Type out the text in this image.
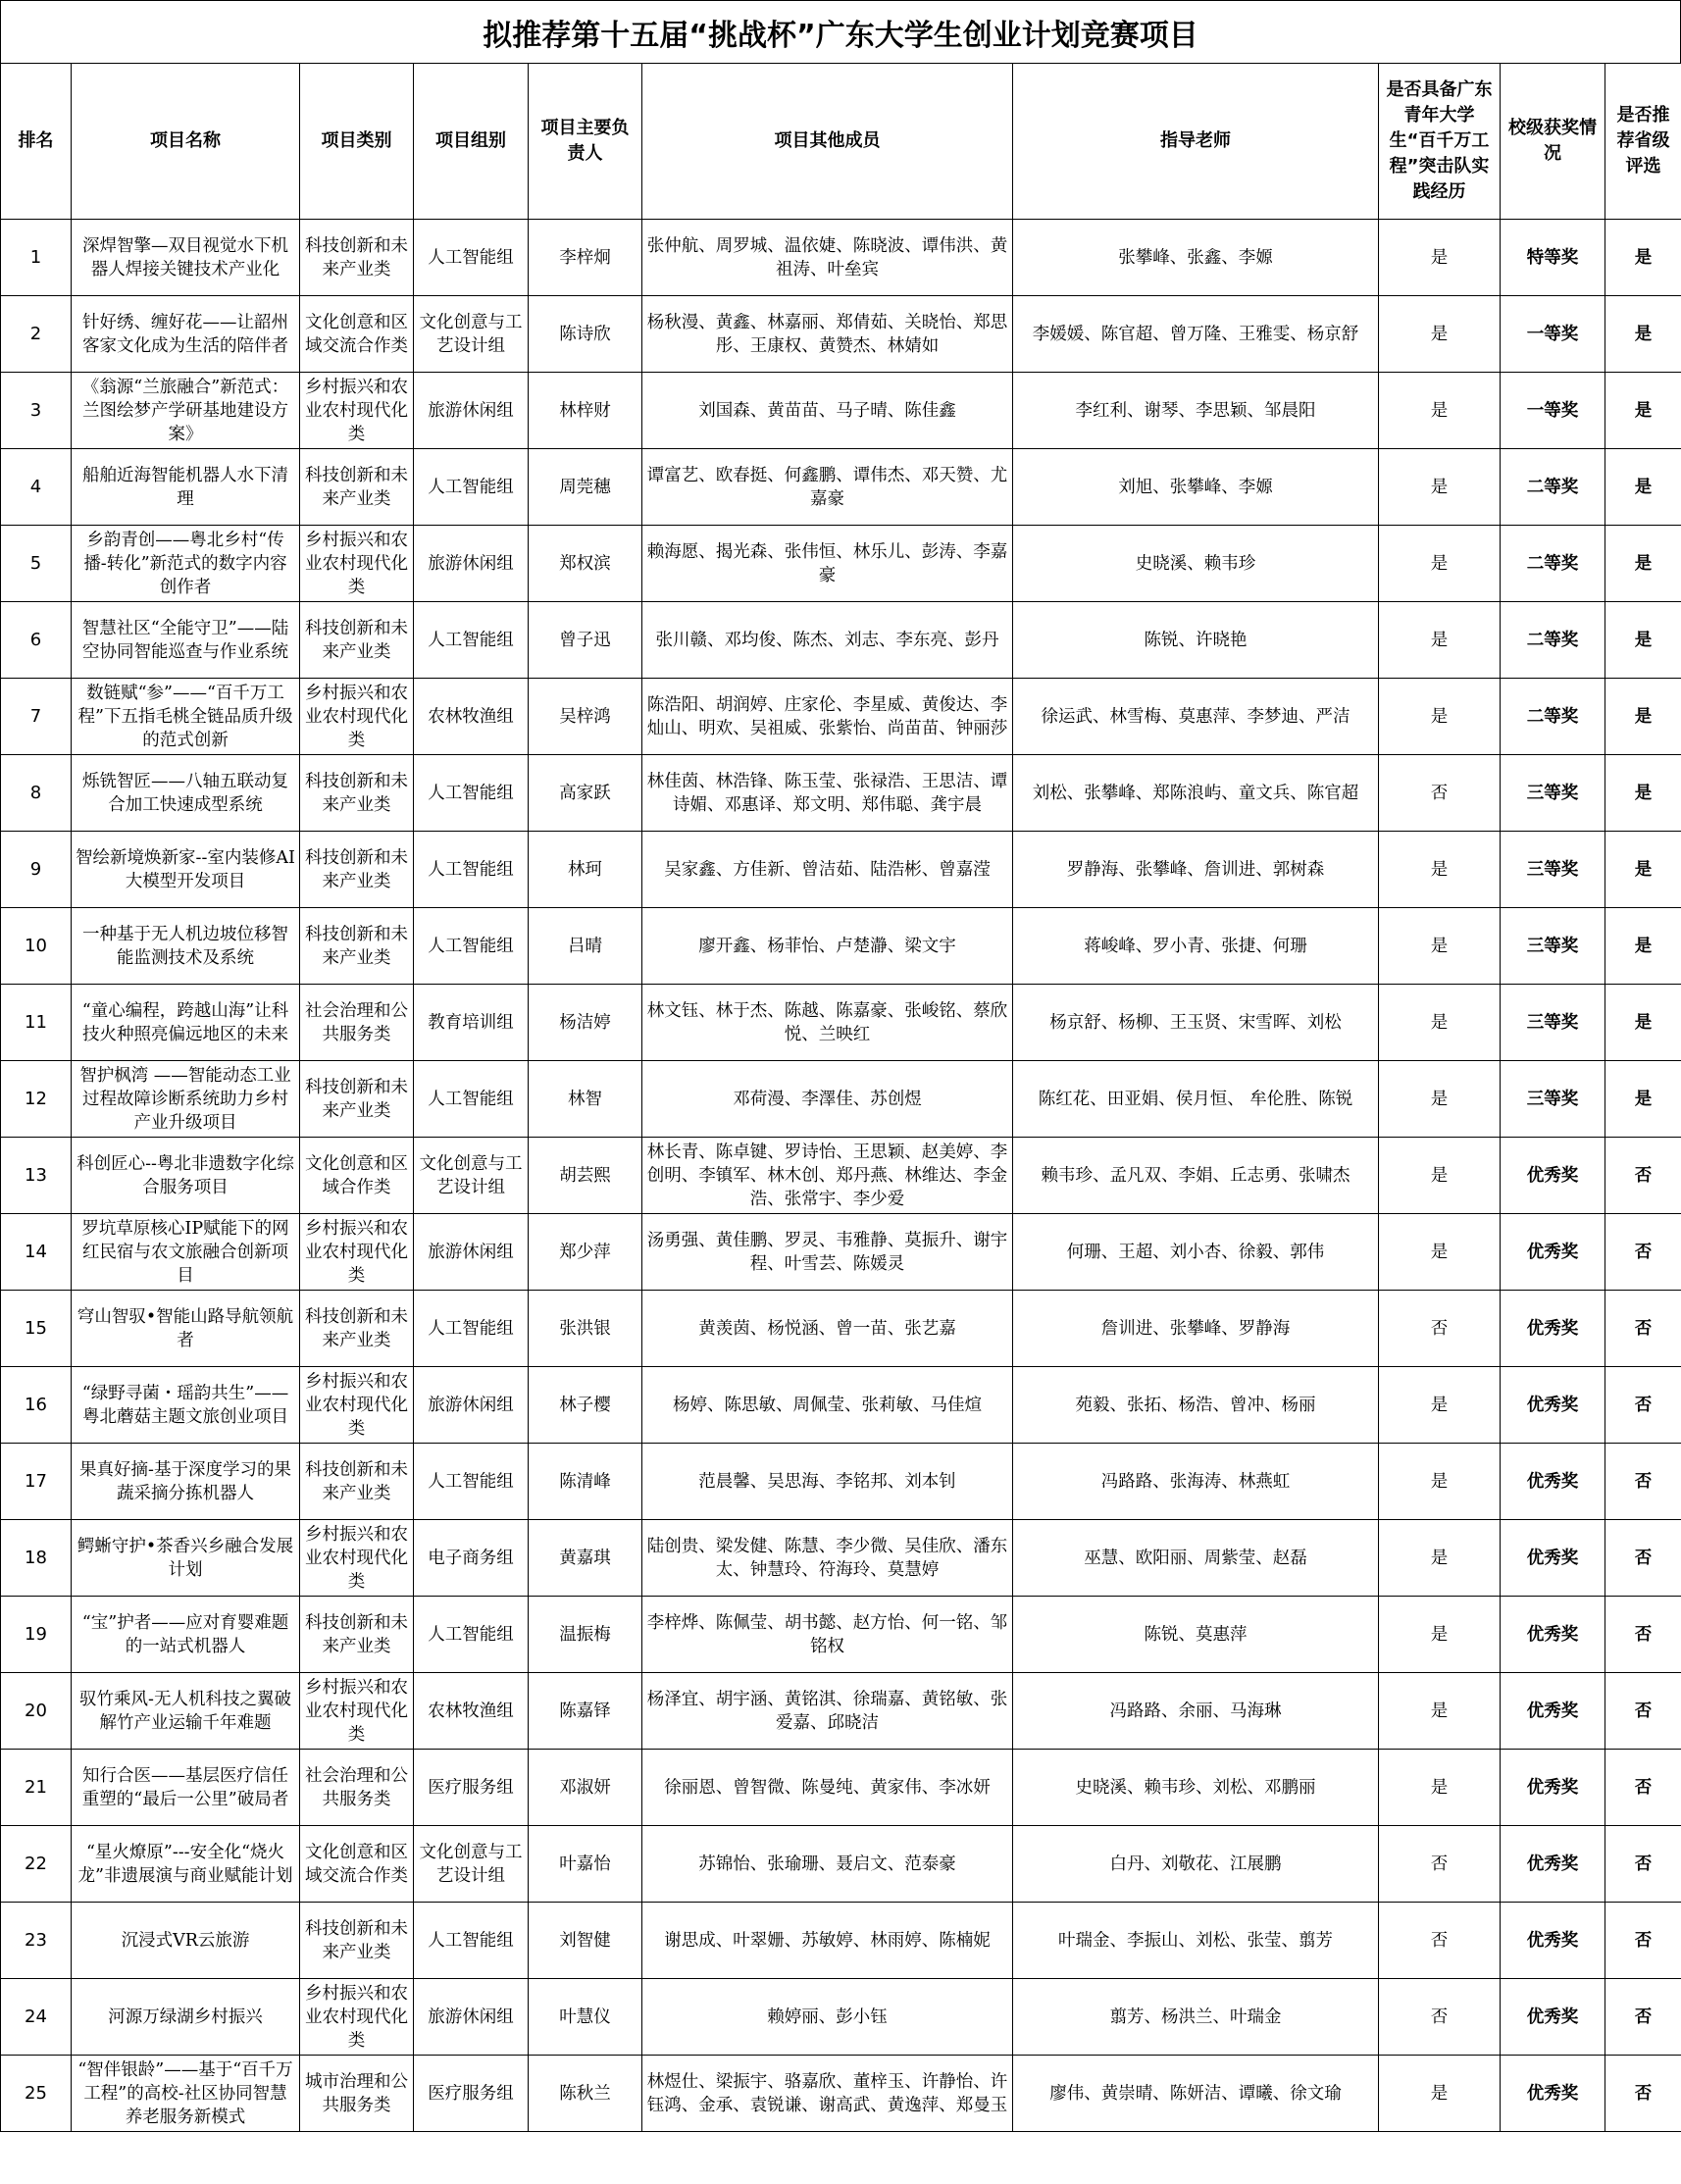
拟推荐第十五届“挑战杯”广东大学生创业计划竞赛项目
排名	项目名称	项目类别	项目组别	项目主要负责人	项目其他成员	指导老师	是否具备广东青年大学生“百千万工程”突击队实践经历	校级获奖情况	是否推荐省级评选
1	深焊智擎—双目视觉水下机器人焊接关键技术产业化	科技创新和未来产业类	人工智能组	李梓炯	张仲航、周罗城、温依婕、陈晓波、谭伟洪、黄祖涛、叶垒宾	张攀峰、张鑫、李嫄	是	特等奖	是
2	针好绣、缠好花——让韶州客家文化成为生活的陪伴者	文化创意和区域交流合作类	文化创意与工艺设计组	陈诗欣	杨秋漫、黄鑫、林嘉丽、郑倩茹、关晓怡、郑思彤、王康权、黄赞杰、林婧如	李媛媛、陈官超、曾万隆、王雅雯、杨京舒	是	一等奖	是
3	《翁源“兰旅融合”新范式：兰图绘梦产学研基地建设方案》	乡村振兴和农业农村现代化类	旅游休闲组	林梓财	刘国森、黄苗苗、马子晴、陈佳鑫	李红利、谢琴、李思颖、邹晨阳	是	一等奖	是
4	船舶近海智能机器人水下清理	科技创新和未来产业类	人工智能组	周莞穗	谭富艺、欧春挺、何鑫鹏、谭伟杰、邓天赞、尤嘉豪	刘旭、张攀峰、李嫄	是	二等奖	是
5	乡韵青创——粤北乡村“传播-转化”新范式的数字内容创作者	乡村振兴和农业农村现代化类	旅游休闲组	郑权滨	赖海愿、揭光森、张伟恒、林乐儿、彭涛、李嘉豪	史晓溪、赖韦珍	是	二等奖	是
6	智慧社区“全能守卫”——陆空协同智能巡查与作业系统	科技创新和未来产业类	人工智能组	曾子迅	张川赣、邓均俊、陈杰、刘志、李东亮、彭丹	陈锐、许晓艳	是	二等奖	是
7	数链赋“参”——“百千万工程”下五指毛桃全链品质升级的范式创新	乡村振兴和农业农村现代化类	农林牧渔组	吴梓鸿	陈浩阳、胡润婷、庄家伦、李星威、黄俊达、李灿山、明欢、吴祖威、张紫怡、尚苗苗、钟丽莎	徐运武、林雪梅、莫惠萍、李梦迪、严洁	是	二等奖	是
8	烁铣智匠——八轴五联动复合加工快速成型系统	科技创新和未来产业类	人工智能组	高家跃	林佳茵、林浩锋、陈玉莹、张禄浩、王思洁、谭诗媚、邓惠译、郑文明、郑伟聪、龚宇晨	刘松、张攀峰、郑陈浪屿、童文兵、陈官超	否	三等奖	是
9	智绘新境焕新家--室内装修AI大模型开发项目	科技创新和未来产业类	人工智能组	林珂	吴家鑫、方佳新、曾洁茹、陆浩彬、曾嘉滢	罗静海、张攀峰、詹训进、郭树森	是	三等奖	是
10	一种基于无人机边坡位移智能监测技术及系统	科技创新和未来产业类	人工智能组	吕晴	廖开鑫、杨菲怡、卢楚瀞、梁文宇	蒋峻峰、罗小青、张捷、何珊	是	三等奖	是
11	“童心编程，跨越山海”让科技火种照亮偏远地区的未来	社会治理和公共服务类	教育培训组	杨洁婷	林文钰、林于杰、陈越、陈嘉豪、张峻铭、蔡欣悦、兰映红	杨京舒、杨柳、王玉贤、宋雪晖、刘松	是	三等奖	是
12	智护枫湾 ——智能动态工业过程故障诊断系统助力乡村产业升级项目	科技创新和未来产业类	人工智能组	林智	邓荷漫、李澤佳、苏创煜	陈红花、田亚娟、侯月恒、 牟伦胜、陈锐	是	三等奖	是
13	科创匠心--粤北非遗数字化综合服务项目	文化创意和区域合作类	文化创意与工艺设计组	胡芸熙	林长青、陈卓键、罗诗怡、王思颖、赵美婷、李创明、李镇军、林木创、郑丹燕、林维达、李金浩、张常宇、李少爱	赖韦珍、孟凡双、李娟、丘志勇、张啸杰	是	优秀奖	否
14	罗坑草原核心IP赋能下的网红民宿与农文旅融合创新项目	乡村振兴和农业农村现代化类	旅游休闲组	郑少萍	汤勇强、黄佳鹏、罗灵、韦雅静、莫振升、谢宇程、叶雪芸、陈媛灵	何珊、王超、刘小杏、徐毅、郭伟	是	优秀奖	否
15	穹山智驭•智能山路导航领航者	科技创新和未来产业类	人工智能组	张洪银	黄羡茵、杨悦涵、曾一苗、张艺嘉	詹训进、张攀峰、罗静海	否	优秀奖	否
16	“绿野寻菌・瑶韵共生”—— 粤北蘑菇主题文旅创业项目	乡村振兴和农业农村现代化类	旅游休闲组	林子樱	杨婷、陈思敏、周佩莹、张莉敏、马佳煊	苑毅、张拓、杨浩、曾冲、杨丽	是	优秀奖	否
17	果真好摘-基于深度学习的果蔬采摘分拣机器人	科技创新和未来产业类	人工智能组	陈清峰	范晨馨、吴思海、李铭邦、刘本钊	冯路路、张海涛、林燕虹	是	优秀奖	否
18	鳄蜥守护•茶香兴乡融合发展计划	乡村振兴和农业农村现代化类	电子商务组	黄嘉琪	陆创贵、梁发健、陈慧、李少微、吴佳欣、潘东太、钟慧玲、符海玲、莫慧婷	巫慧、欧阳丽、周紫莹、赵磊	是	优秀奖	否
19	“宝”护者——应对育婴难题的一站式机器人	科技创新和未来产业类	人工智能组	温振梅	李梓烨、陈佩莹、胡书懿、赵方怡、何一铭、邹铭权	陈锐、莫惠萍	是	优秀奖	否
20	驭竹乘风-无人机科技之翼破解竹产业运输千年难题	乡村振兴和农业农村现代化类	农林牧渔组	陈嘉铎	杨泽宜、胡宇涵、黄铭淇、徐瑞嘉、黄铭敏、张爱嘉、邱晓洁	冯路路、余丽、马海琳	是	优秀奖	否
21	知行合医——基层医疗信任重塑的“最后一公里”破局者	社会治理和公共服务类	医疗服务组	邓淑妍	徐丽恩、曾智微、陈曼纯、黄家伟、李冰妍	史晓溪、赖韦珍、刘松、邓鹏丽	是	优秀奖	否
22	“星火燎原”---安全化“烧火龙”非遗展演与商业赋能计划	文化创意和区域交流合作类	文化创意与工艺设计组	叶嘉怡	苏锦怡、张瑜珊、聂启文、范泰豪	白丹、刘敬花、江展鹏	否	优秀奖	否
23	沉浸式VR云旅游	科技创新和未来产业类	人工智能组	刘智健	谢思成、叶翠姗、苏敏婷、林雨婷、陈楠妮	叶瑞金、李振山、刘松、张莹、翦芳	否	优秀奖	否
24	河源万绿湖乡村振兴	乡村振兴和农业农村现代化类	旅游休闲组	叶慧仪	赖婷丽、彭小钰	翦芳、杨洪兰、叶瑞金	否	优秀奖	否
25	“智伴银龄”——基于“百千万工程”的高校-社区协同智慧养老服务新模式	城市治理和公共服务类	医疗服务组	陈秋兰	林煜仕、梁振宇、骆嘉欣、董梓玉、许静怡、许钰鸿、金承、袁锐谦、谢高武、黄逸萍、郑曼玉	廖伟、黄崇晴、陈妍洁、谭曦、徐文瑜	是	优秀奖	否
